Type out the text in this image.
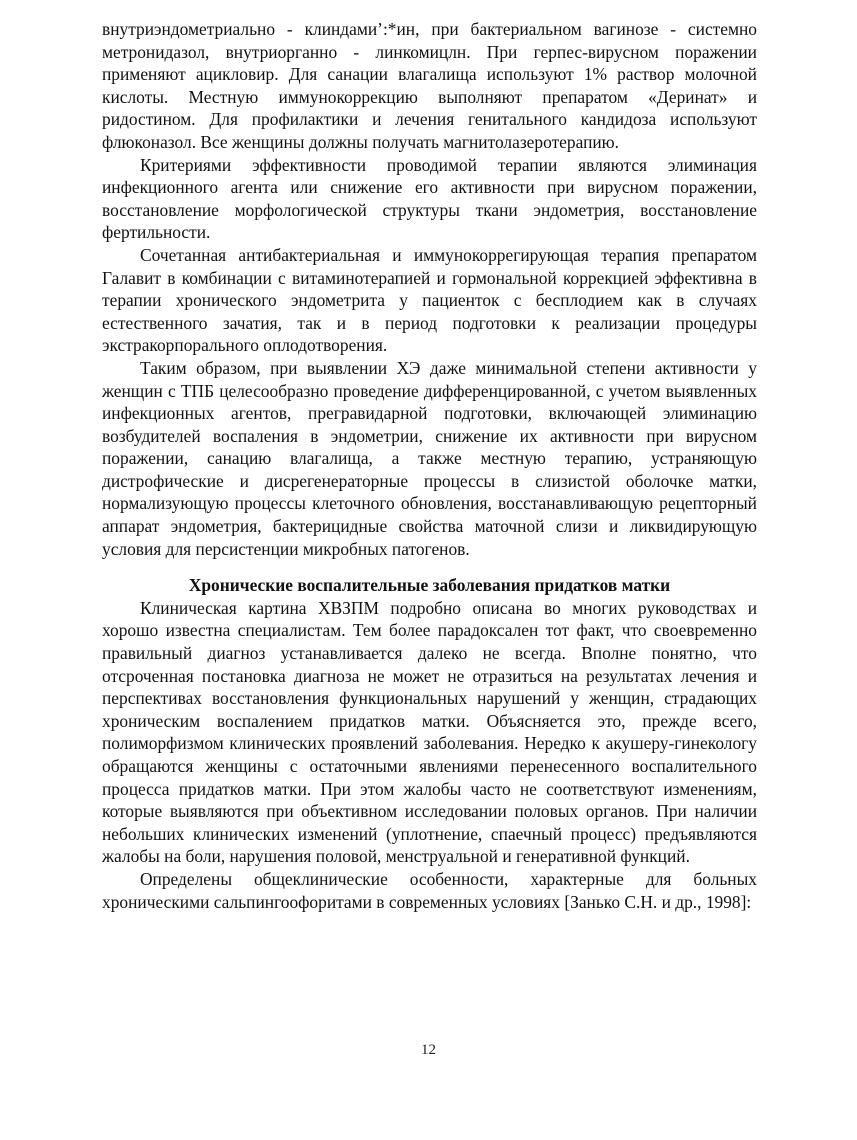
внутриэндометриально - клиндами’:*ин, при бактериальном вагинозе - системно метронидазол, внутриорганно - линкомицлн. При герпес-вирусном поражении применяют ацикловир. Для санации влагалища используют 1% раствор молочной кислоты. Местную иммунокоррекцию выполняют препаратом «Деринат» и ридостином. Для профилактики и лечения генитального кандидоза используют флюконазол. Все женщины должны получать магнитолазеротерапию.

Критериями эффективности проводимой терапии являются элиминация инфекционного агента или снижение его активности при вирусном поражении, восстановление морфологической структуры ткани эндометрия, восстановление фертильности.

Сочетанная антибактериальная и иммунокоррегирующая терапия препаратом Галавит в комбинации с витаминотерапией и гормональной коррекцией эффективна в терапии хронического эндометрита у пациенток с бесплодием как в случаях естественного зачатия, так и в период подготовки к реализации процедуры экстракорпорального оплодотворения.

Таким образом, при выявлении ХЭ даже минимальной степени активности у женщин с ТПБ целесообразно проведение дифференцированной, с учетом выявленных инфекционных агентов, прегравидарной подготовки, включающей элиминацию возбудителей воспаления в эндометрии, снижение их активности при вирусном поражении, санацию влагалища, а также местную терапию, устраняющую дистрофические и дисрегенераторные процессы в слизистой оболочке матки, нормализующую процессы клеточного обновления, восстанавливающую рецепторный аппарат эндометрия, бактерицидные свойства маточной слизи и ликвидирующую условия для персистенции микробных патогенов.

Хронические воспалительные заболевания придатков матки

Клиническая картина ХВЗПМ подробно описана во многих руководствах и хорошо известна специалистам. Тем более парадоксален тот факт, что своевременно правильный диагноз устанавливается далеко не всегда. Вполне понятно, что отсроченная постановка диагноза не может не отразиться на результатах лечения и перспективах восстановления функциональных нарушений у женщин, страдающих хроническим воспалением придатков матки. Объясняется это, прежде всего, полиморфизмом клинических проявлений заболевания. Нередко к акушеру-гинекологу обращаются женщины с остаточными явлениями перенесенного воспалительного процесса придатков матки. При этом жалобы часто не соответствуют изменениям, которые выявляются при объективном исследовании половых органов. При наличии небольших клинических изменений (уплотнение, спаечный процесс) предъявляются жалобы на боли, нарушения половой, менструальной и генеративной функций.

Определены общеклинические особенности, характерные для больных хроническими сальпингоофоритами в современных условиях [Занько С.Н. и др., 1998]:

12
